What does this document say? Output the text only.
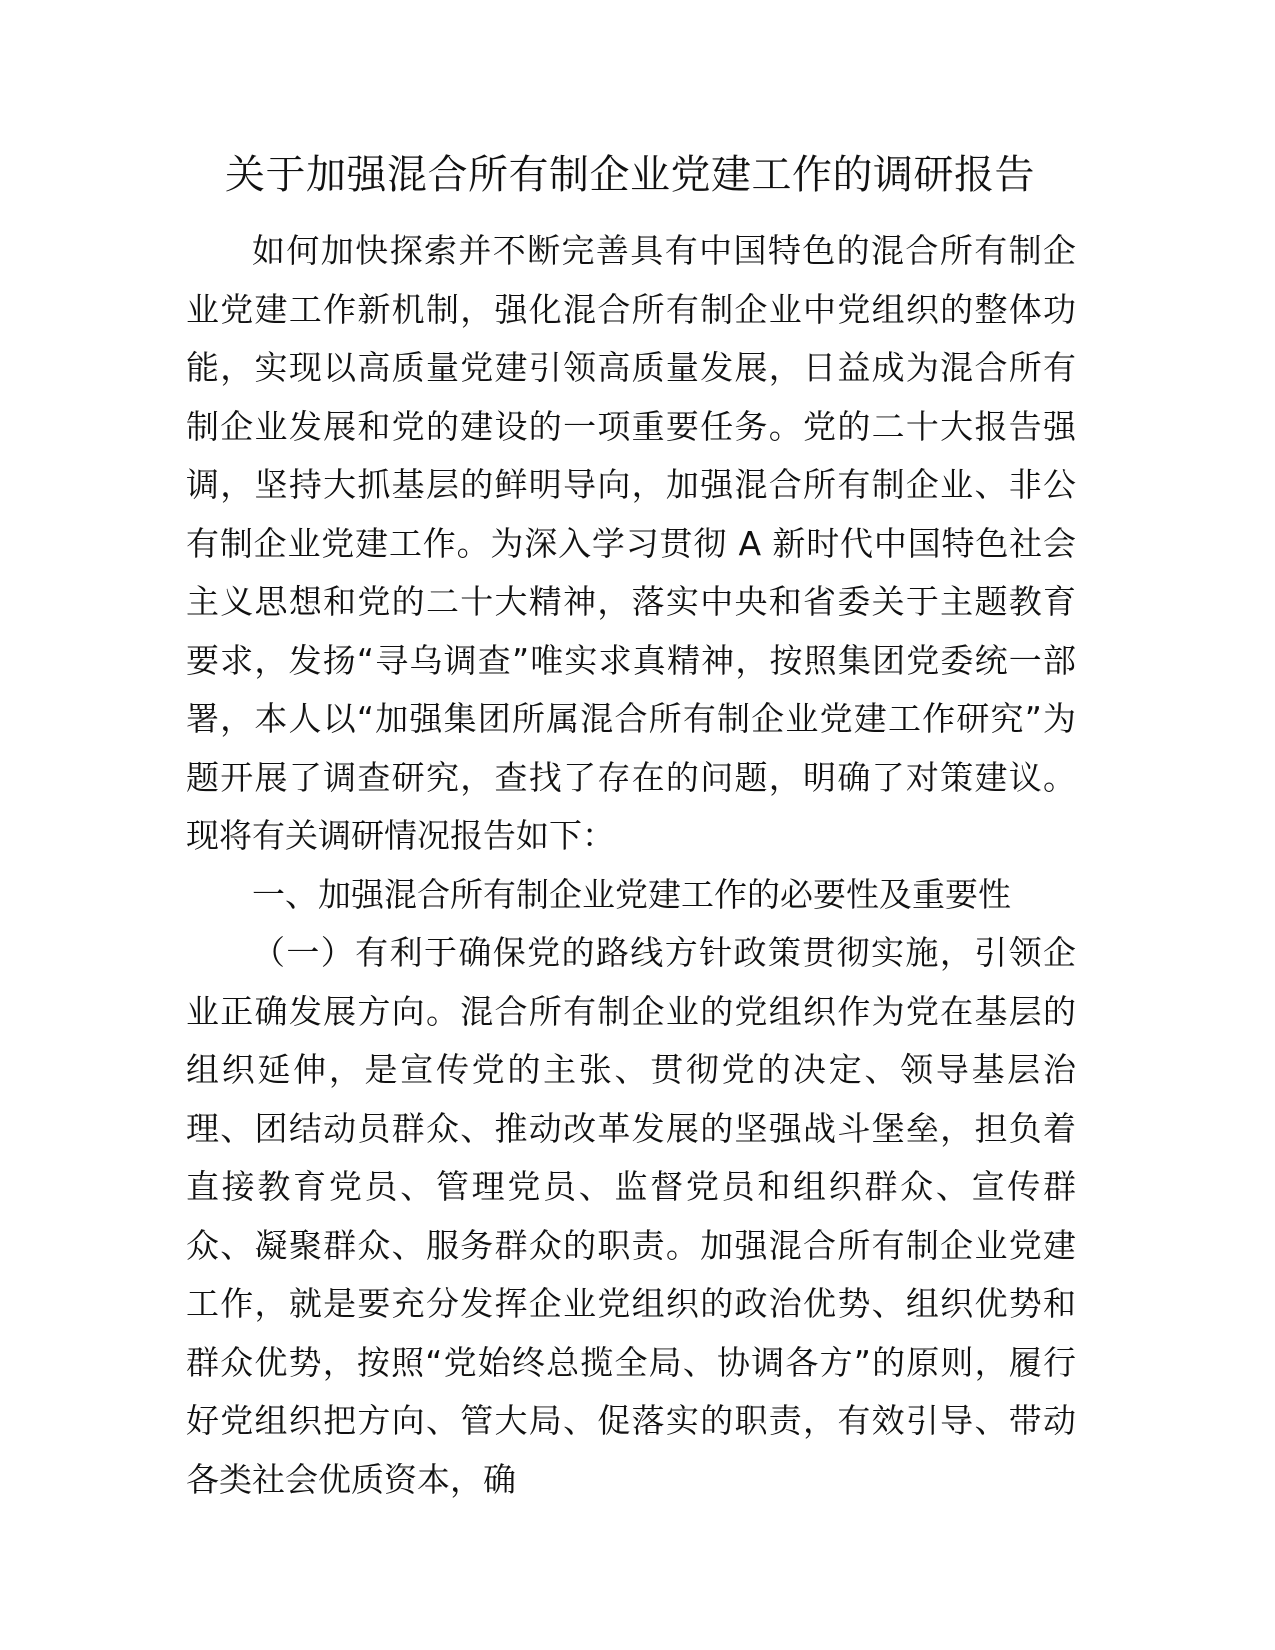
关于加强混合所有制企业党建工作的调研报告

如何加快探索并不断完善具有中国特色的混合所有制企业党建工作新机制，强化混合所有制企业中党组织的整体功能，实现以高质量党建引领高质量发展，日益成为混合所有制企业发展和党的建设的一项重要任务。党的二十大报告强调，坚持大抓基层的鲜明导向，加强混合所有制企业、非公有制企业党建工作。为深入学习贯彻 A 新时代中国特色社会主义思想和党的二十大精神，落实中央和省委关于主题教育要求，发扬“寻乌调查”唯实求真精神，按照集团党委统一部署，本人以“加强集团所属混合所有制企业党建工作研究”为题开展了调查研究，查找了存在的问题，明确了对策建议。现将有关调研情况报告如下：

一、加强混合所有制企业党建工作的必要性及重要性

（一）有利于确保党的路线方针政策贯彻实施，引领企业正确发展方向。混合所有制企业的党组织作为党在基层的组织延伸，是宣传党的主张、贯彻党的决定、领导基层治理、团结动员群众、推动改革发展的坚强战斗堡垒，担负着直接教育党员、管理党员、监督党员和组织群众、宣传群众、凝聚群众、服务群众的职责。加强混合所有制企业党建工作，就是要充分发挥企业党组织的政治优势、组织优势和群众优势，按照“党始终总揽全局、协调各方”的原则，履行好党组织把方向、管大局、促落实的职责，有效引导、带动各类社会优质资本，确
